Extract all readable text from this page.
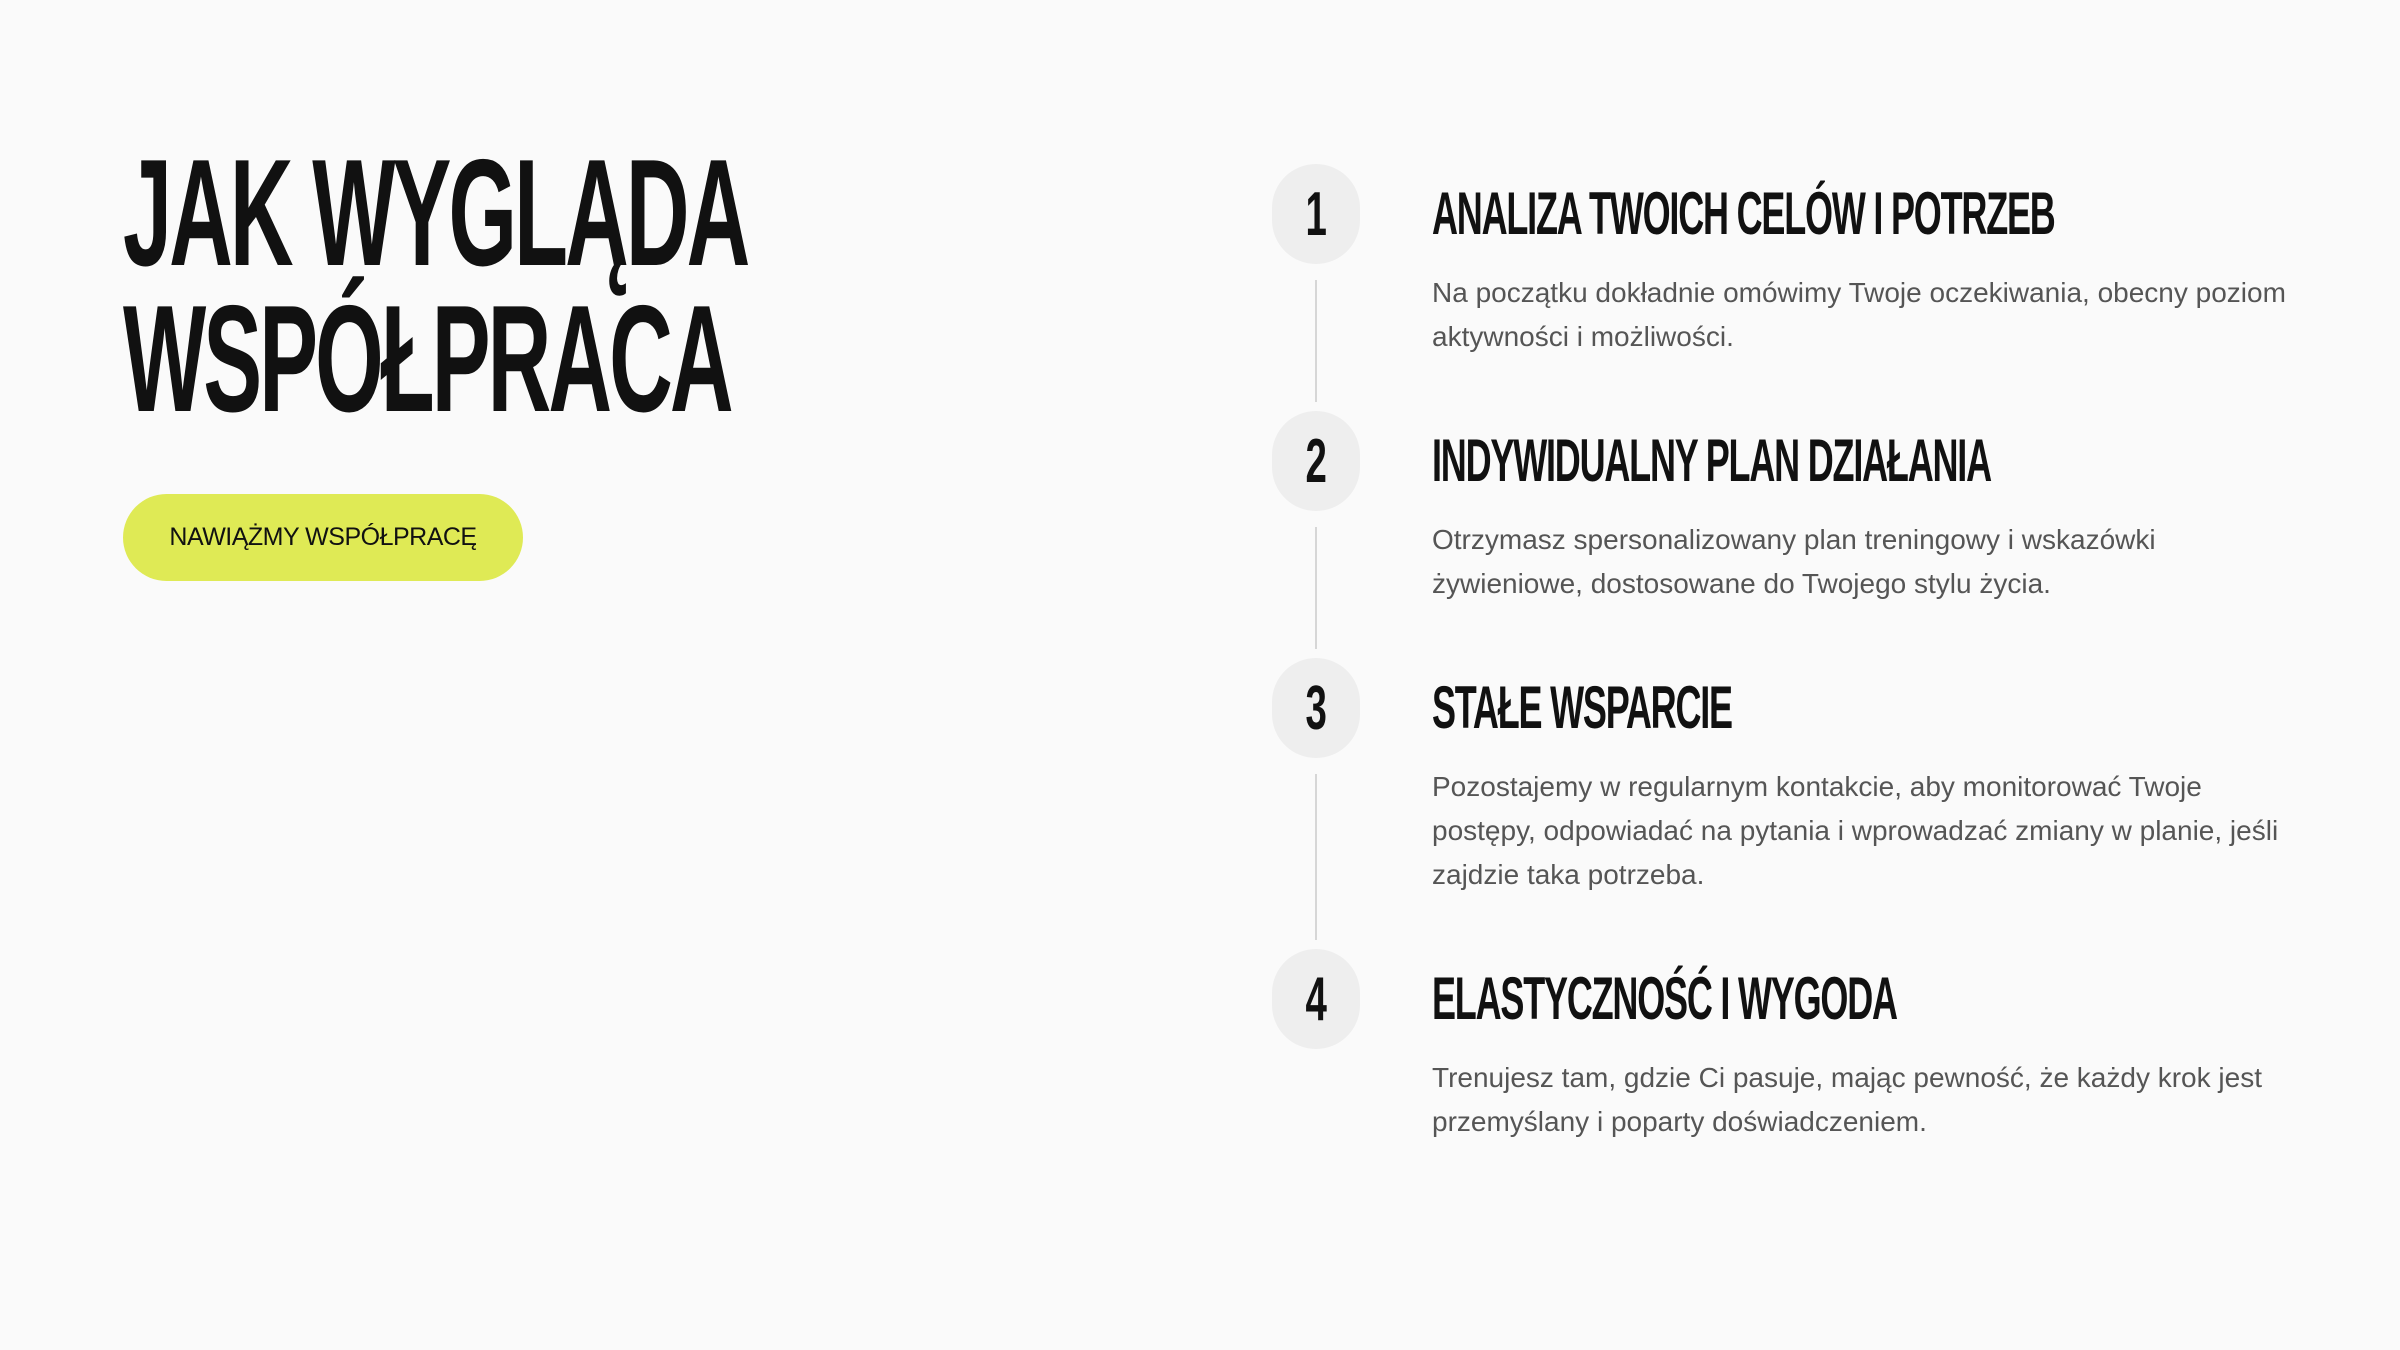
JAK WYGLĄDA
WSPÓŁPRACA
NAWIĄŻMY WSPÓŁPRACĘ
1 ANALIZA TWOICH CELÓW I POTRZEB

Na początku dokładnie omówimy Twoje oczekiwania, obecny poziom aktywności i możliwości.

2 INDYWIDUALNY PLAN DZIAŁANIA

Otrzymasz spersonalizowany plan treningowy i wskazówki żywieniowe, dostosowane do Twojego stylu życia.

3 STAŁE WSPARCIE

Pozostajemy w regularnym kontakcie, aby monitorować Twoje postępy, odpowiadać na pytania i wprowadzać zmiany w planie, jeśli zajdzie taka potrzeba.

4 ELASTYCZNOŚĆ I WYGODA

Trenujesz tam, gdzie Ci pasuje, mając pewność, że każdy krok jest przemyślany i poparty doświadczeniem.
